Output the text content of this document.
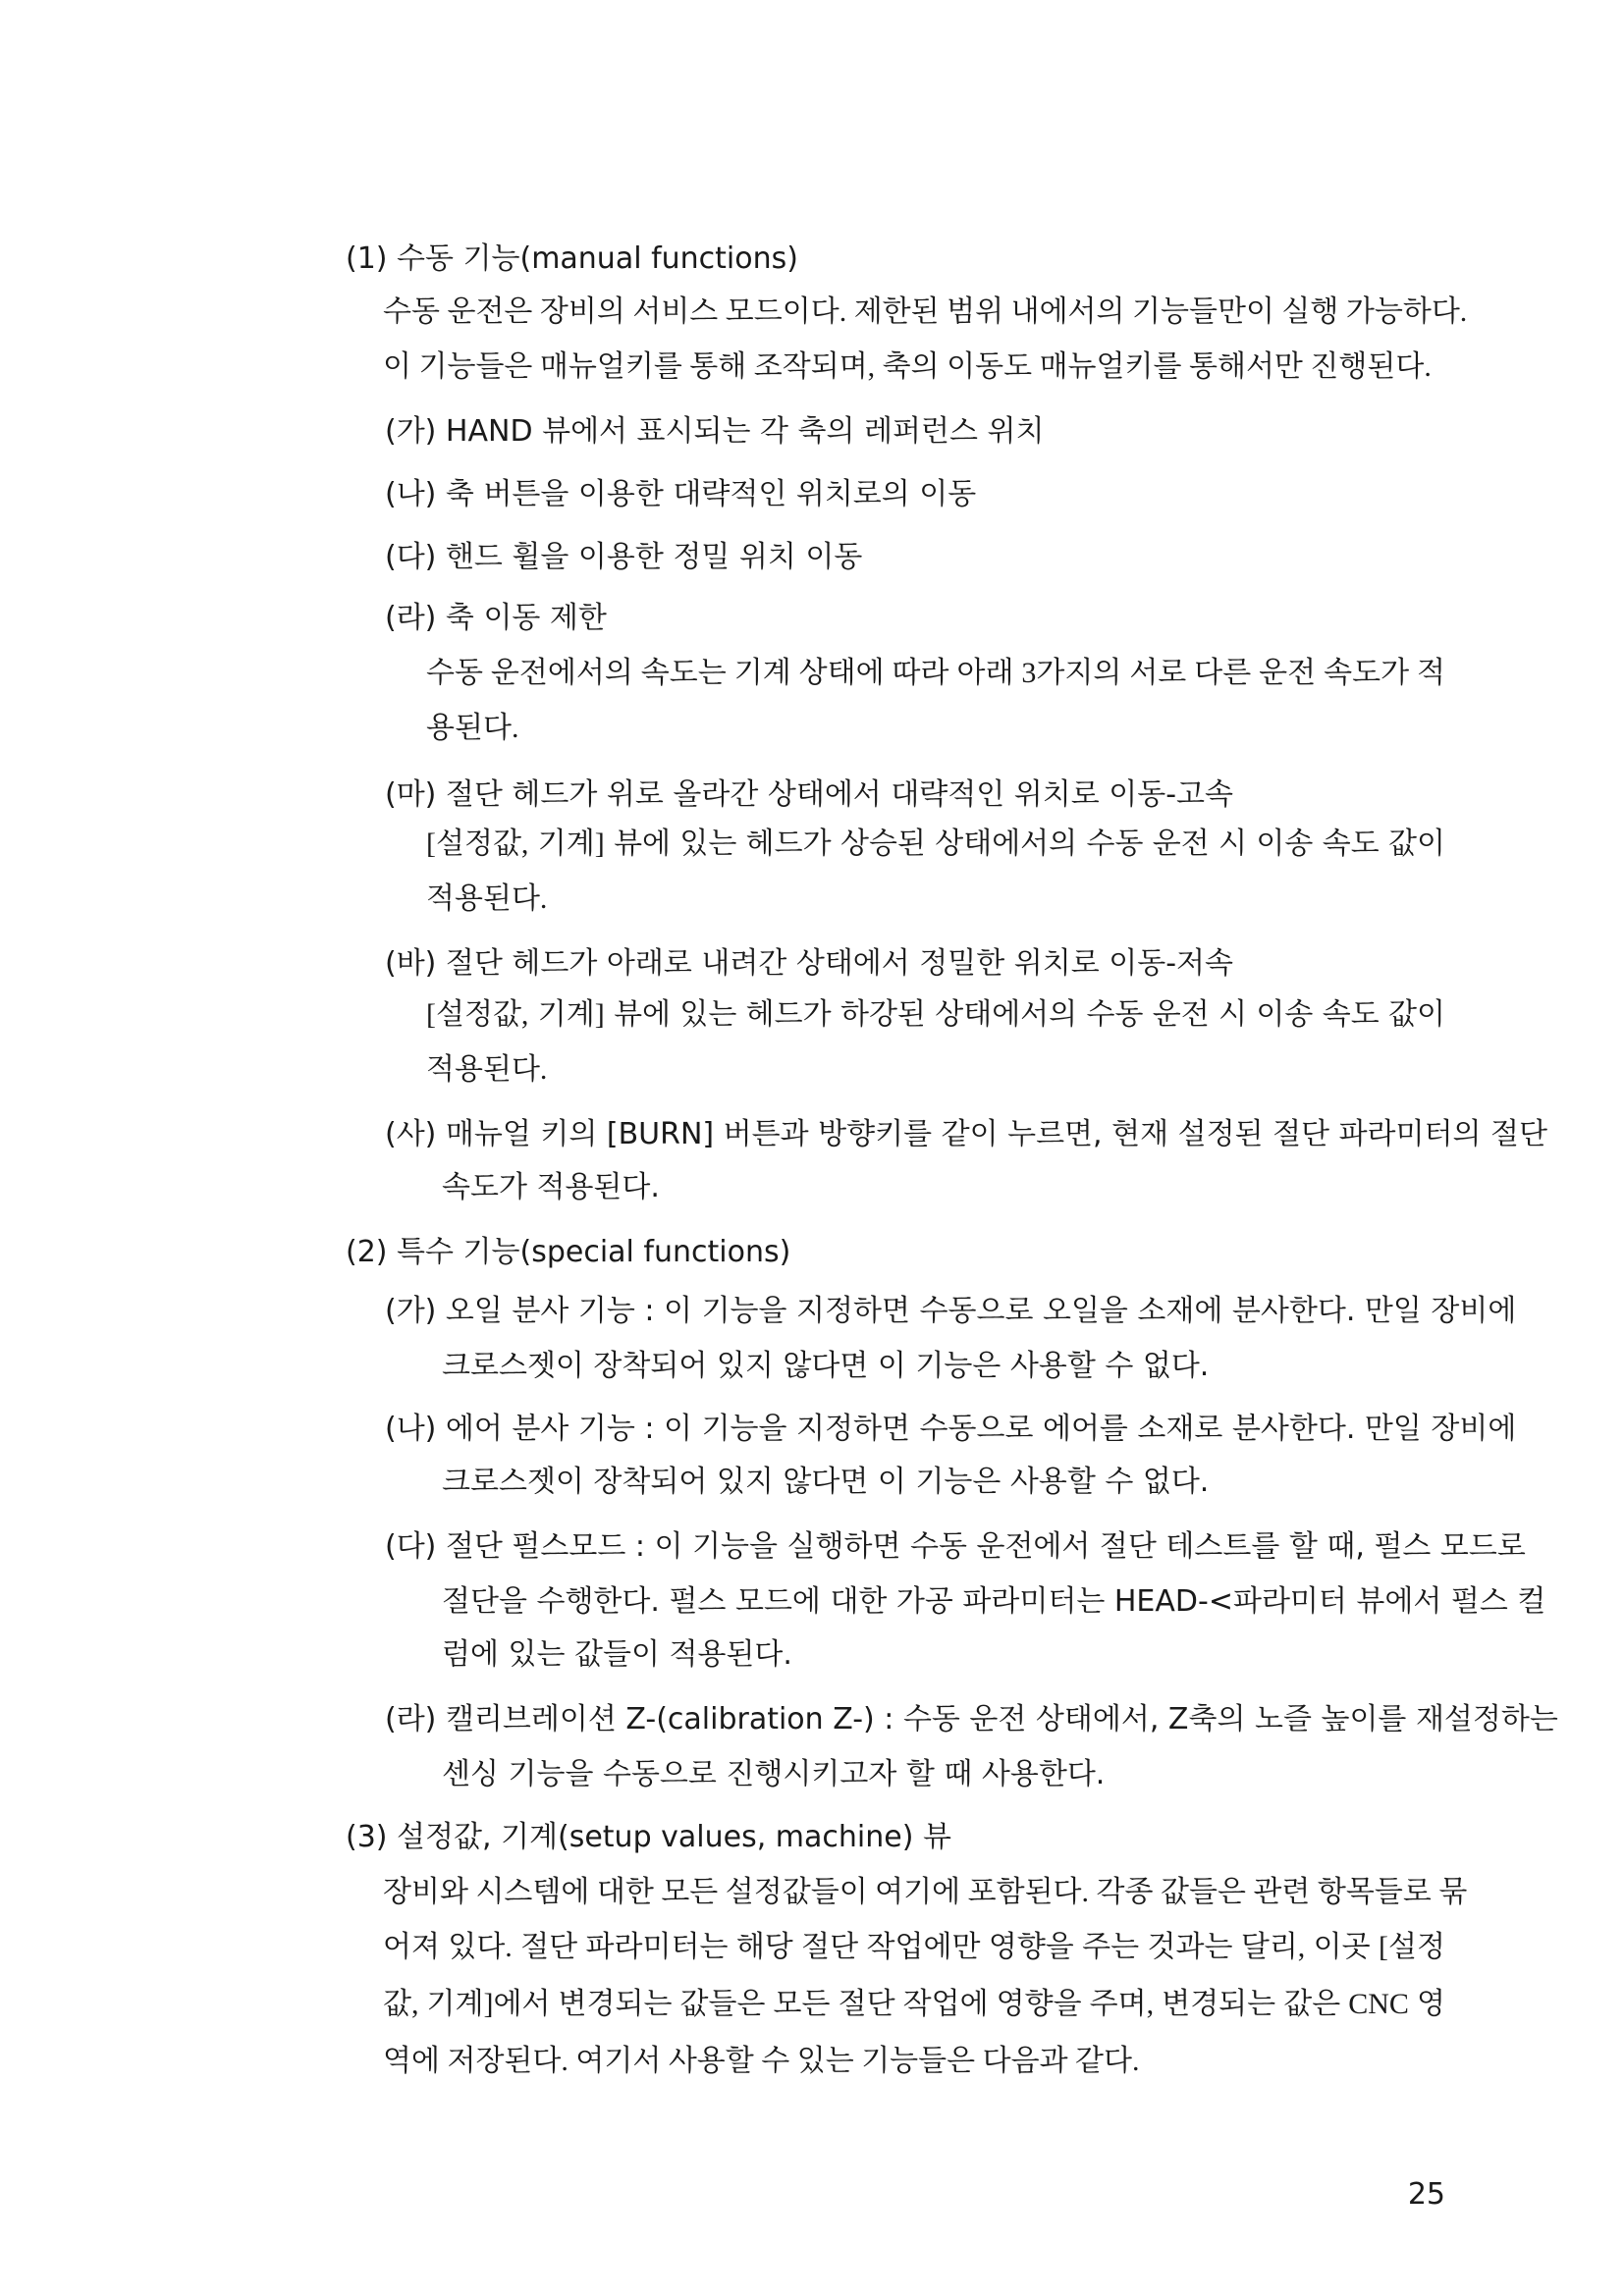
(1) 수동 기능(manual functions)
수동 운전은 장비의 서비스 모드이다. 제한된 범위 내에서의 기능들만이 실행 가능하다.
이 기능들은 매뉴얼키를 통해 조작되며, 축의 이동도 매뉴얼키를 통해서만 진행된다.
(가) HAND 뷰에서 표시되는 각 축의 레퍼런스 위치
(나) 축 버튼을 이용한 대략적인 위치로의 이동
(다) 핸드 휠을 이용한 정밀 위치 이동
(라) 축 이동 제한
수동 운전에서의 속도는 기계 상태에 따라 아래 3가지의 서로 다른 운전 속도가 적
용된다.
(마) 절단 헤드가 위로 올라간 상태에서 대략적인 위치로 이동-고속
[설정값, 기계] 뷰에 있는 헤드가 상승된 상태에서의 수동 운전 시 이송 속도 값이
적용된다.
(바) 절단 헤드가 아래로 내려간 상태에서 정밀한 위치로 이동-저속
[설정값, 기계] 뷰에 있는 헤드가 하강된 상태에서의 수동 운전 시 이송 속도 값이
적용된다.
(사) 매뉴얼 키의 [BURN] 버튼과 방향키를 같이 누르면, 현재 설정된 절단 파라미터의 절단
속도가 적용된다.
(2) 특수 기능(special functions)
(가) 오일 분사 기능 : 이 기능을 지정하면 수동으로 오일을 소재에 분사한다. 만일 장비에
크로스젯이 장착되어 있지 않다면 이 기능은 사용할 수 없다.
(나) 에어 분사 기능 : 이 기능을 지정하면 수동으로 에어를 소재로 분사한다. 만일 장비에
크로스젯이 장착되어 있지 않다면 이 기능은 사용할 수 없다.
(다) 절단 펄스모드 : 이 기능을 실행하면 수동 운전에서 절단 테스트를 할 때, 펄스 모드로
절단을 수행한다. 펄스 모드에 대한 가공 파라미터는 HEAD-<파라미터 뷰에서 펄스 컬
럼에 있는 값들이 적용된다.
(라) 캘리브레이션 Z-(calibration Z-) : 수동 운전 상태에서, Z축의 노즐 높이를 재설정하는
센싱 기능을 수동으로 진행시키고자 할 때 사용한다.
(3) 설정값, 기계(setup values, machine) 뷰
장비와 시스템에 대한 모든 설정값들이 여기에 포함된다. 각종 값들은 관련 항목들로 묶
어져 있다. 절단 파라미터는 해당 절단 작업에만 영향을 주는 것과는 달리, 이곳 [설정
값, 기계]에서 변경되는 값들은 모든 절단 작업에 영향을 주며, 변경되는 값은 CNC 영
역에 저장된다. 여기서 사용할 수 있는 기능들은 다음과 같다.
25
